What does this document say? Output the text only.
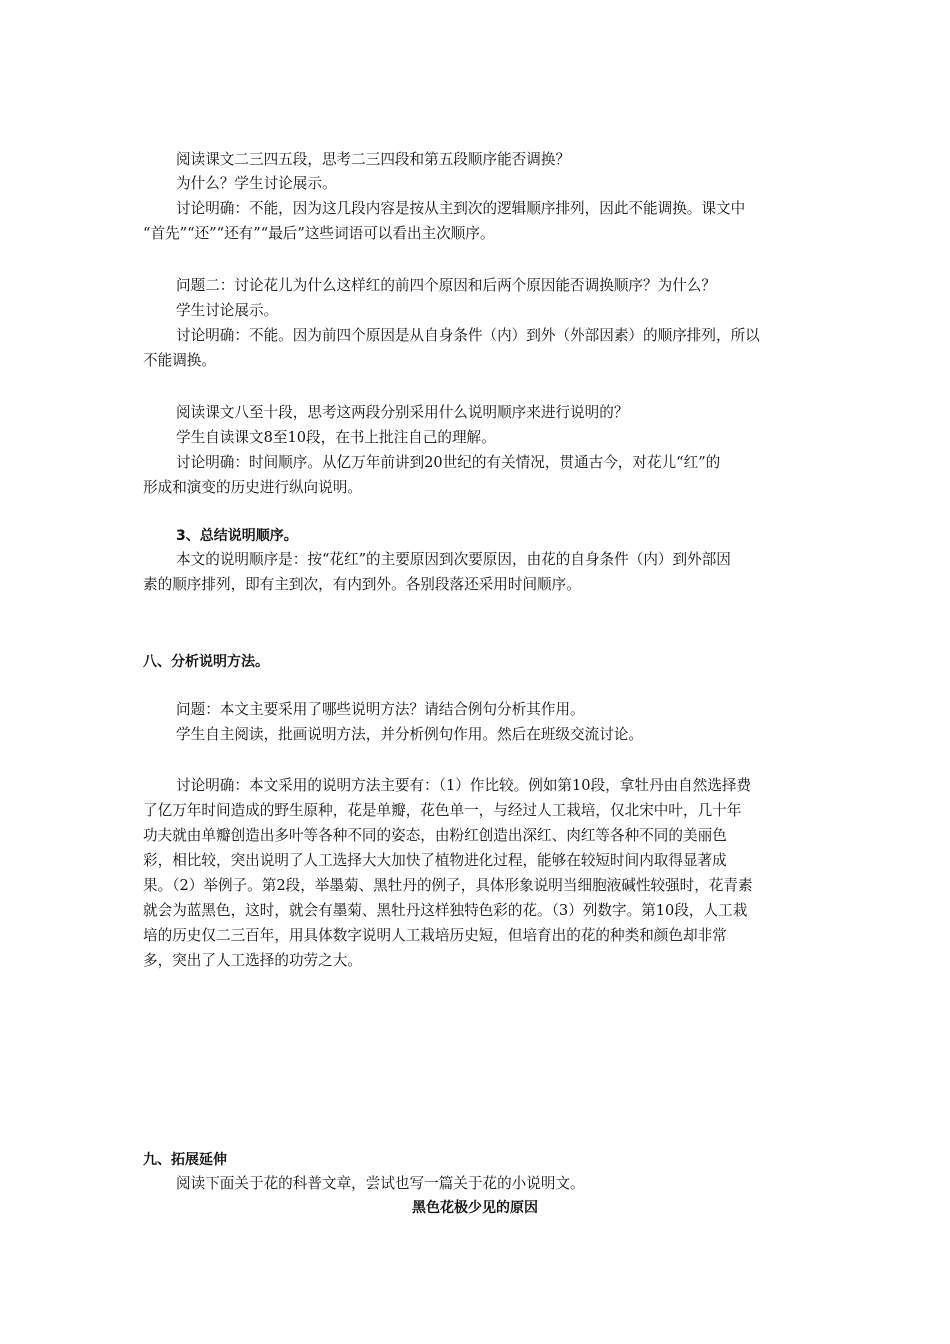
阅读课文二三四五段，思考二三四段和第五段顺序能否调换？
为什么？学生讨论展示。
讨论明确：不能，因为这几段内容是按从主到次的逻辑顺序排列，因此不能调换。课文中
“首先”“还”“还有”“最后”这些词语可以看出主次顺序。
问题二：讨论花儿为什么这样红的前四个原因和后两个原因能否调换顺序？为什么？
学生讨论展示。
讨论明确：不能。因为前四个原因是从自身条件（内）到外（外部因素）的顺序排列，所以
不能调换。
阅读课文八至十段，思考这两段分别采用什么说明顺序来进行说明的？
学生自读课文8至10段，在书上批注自己的理解。
讨论明确：时间顺序。从亿万年前讲到20世纪的有关情况，贯通古今，对花儿“红”的
形成和演变的历史进行纵向说明。
3、总结说明顺序。
本文的说明顺序是：按“花红”的主要原因到次要原因，由花的自身条件（内）到外部因
素的顺序排列，即有主到次，有内到外。各别段落还采用时间顺序。
八、分析说明方法。
问题：本文主要采用了哪些说明方法？请结合例句分析其作用。
学生自主阅读，批画说明方法，并分析例句作用。然后在班级交流讨论。
讨论明确：本文采用的说明方法主要有：（1）作比较。例如第10段，拿牡丹由自然选择费
了亿万年时间造成的野生原种，花是单瓣，花色单一，与经过人工栽培，仅北宋中叶，几十年
功夫就由单瓣创造出多叶等各种不同的姿态，由粉红创造出深红、肉红等各种不同的美丽色
彩，相比较，突出说明了人工选择大大加快了植物进化过程，能够在较短时间内取得显著成
果。（2）举例子。第2段，举墨菊、黑牡丹的例子，具体形象说明当细胞液碱性较强时，花青素
就会为蓝黑色，这时，就会有墨菊、黑牡丹这样独特色彩的花。（3）列数字。第10段，人工栽
培的历史仅二三百年，用具体数字说明人工栽培历史短，但培育出的花的种类和颜色却非常
多，突出了人工选择的功劳之大。
九、拓展延伸
阅读下面关于花的科普文章，尝试也写一篇关于花的小说明文。
黑色花极少见的原因
